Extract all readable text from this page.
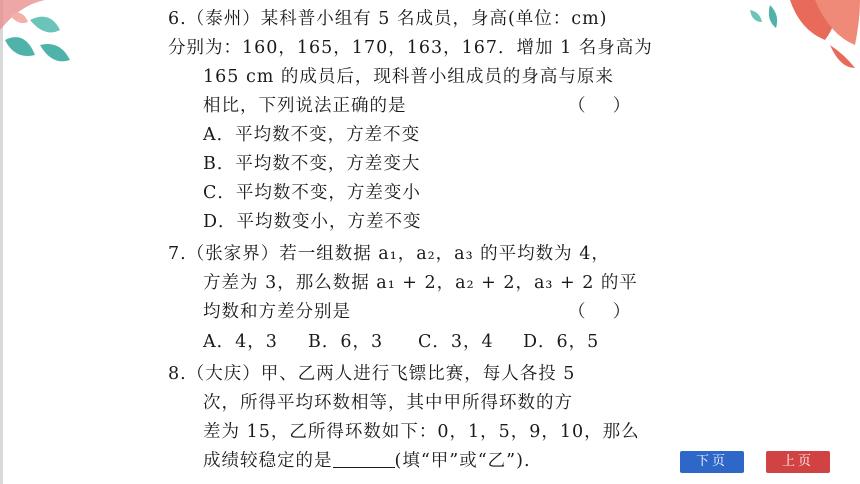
6.（泰州）某科普小组有 5 名成员，身高(单位：cm)
分别为：160，165，170，163，167．增加 1 名身高为
165 cm 的成员后，现科普小组成员的身高与原来
相比，下列说法正确的是	（    ）
A．平均数不变，方差不变
B．平均数不变，方差变大
C．平均数不变，方差变小
D．平均数变小，方差不变
7.（张家界）若一组数据 a₁，a₂，a₃ 的平均数为 4，
方差为 3，那么数据 a₁ + 2，a₂ + 2，a₃ + 2 的平
均数和方差分别是	（    ）
A．4，3 B．6，3 C．3，4 D．6，5
8.（大庆）甲、乙两人进行飞镖比赛，每人各投 5
次，所得平均环数相等，其中甲所得环数的方
差为 15，乙所得环数如下：0，1，5，9，10，那么
成绩较稳定的是	(填“甲”或“乙”).	下页	上页
